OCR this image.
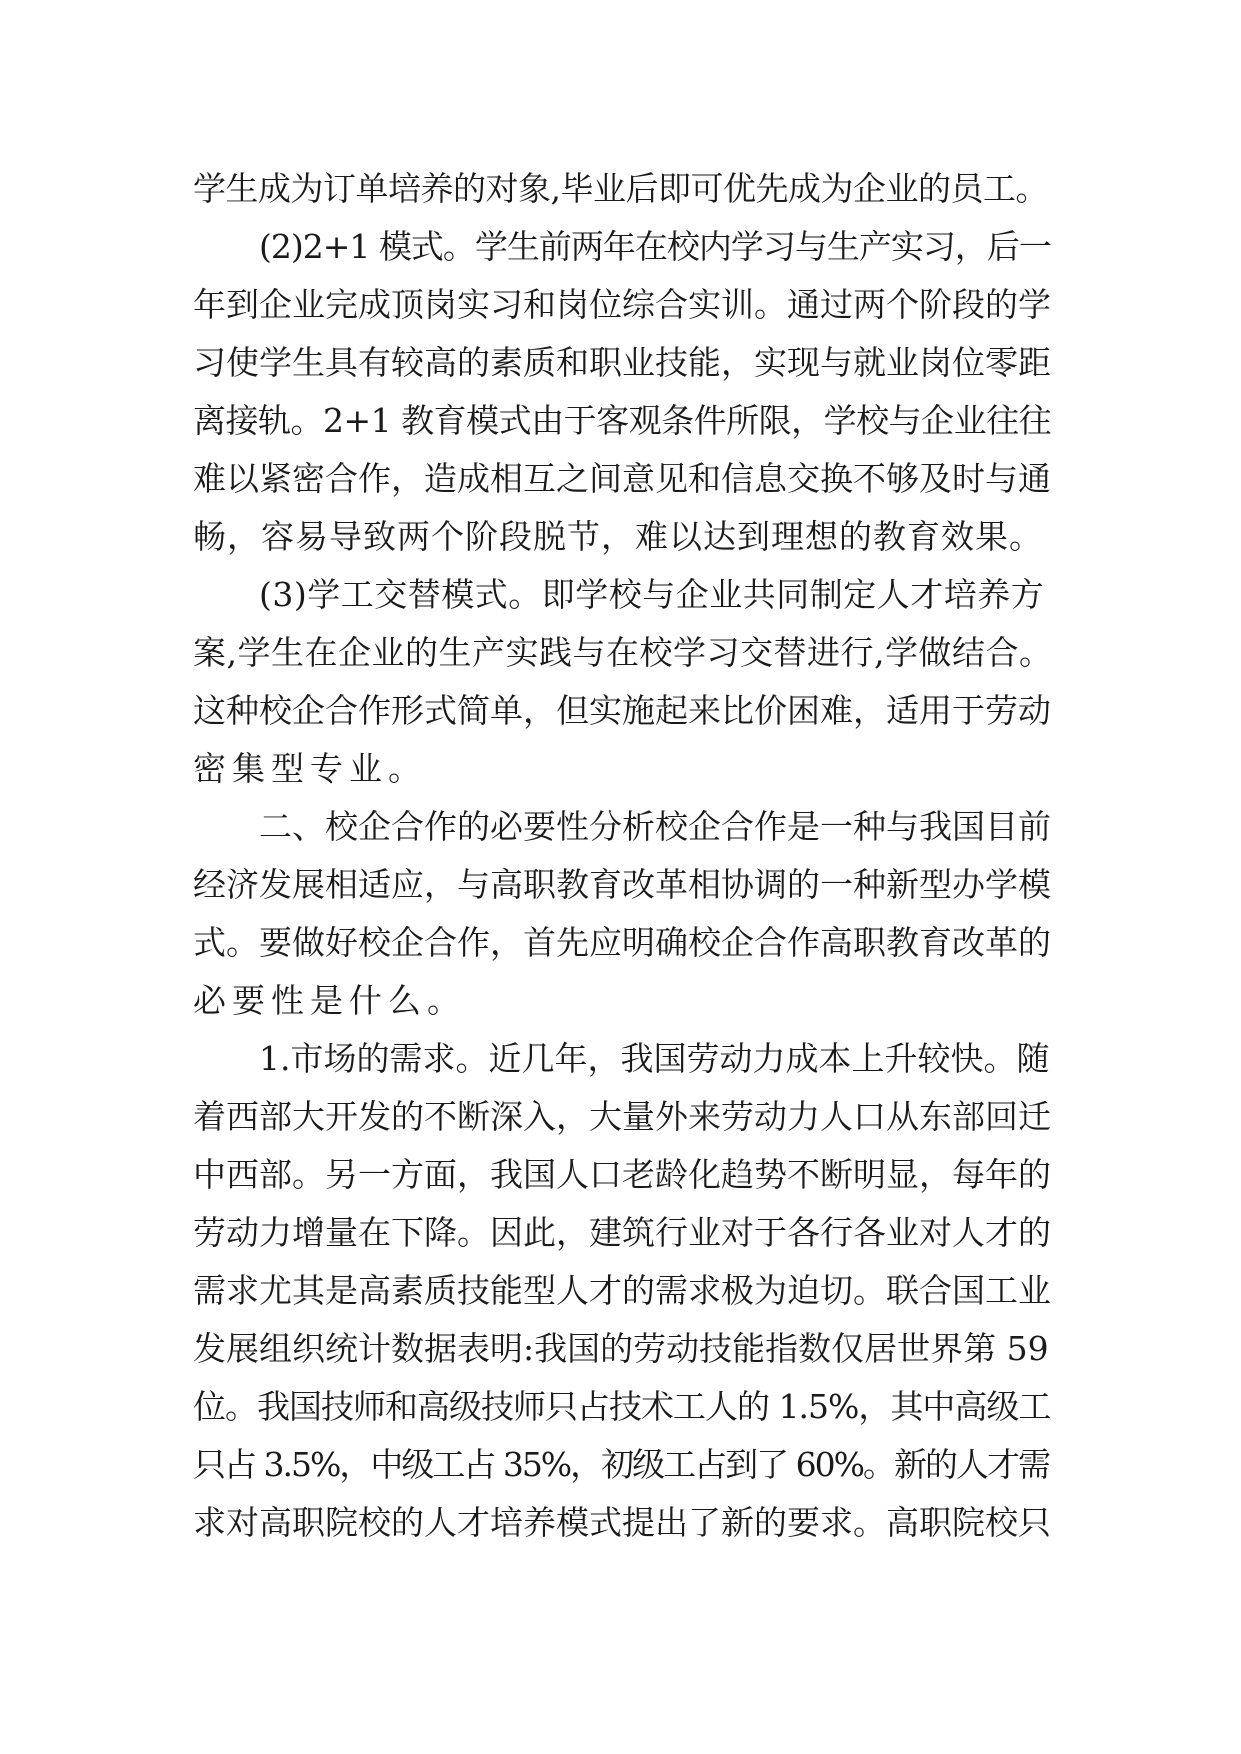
学生成为订单培养的对象,毕业后即可优先成为企业的员工。
(2)2+1 模式。学生前两年在校内学习与生产实习，后一
年到企业完成顶岗实习和岗位综合实训。通过两个阶段的学
习使学生具有较高的素质和职业技能，实现与就业岗位零距
离接轨。2+1 教育模式由于客观条件所限，学校与企业往往
难以紧密合作，造成相互之间意见和信息交换不够及时与通
畅，容易导致两个阶段脱节，难以达到理想的教育效果。
(3)学工交替模式。即学校与企业共同制定人才培养方
案,学生在企业的生产实践与在校学习交替进行,学做结合。
这种校企合作形式简单，但实施起来比价困难，适用于劳动
密集型专业。
二、校企合作的必要性分析校企合作是一种与我国目前
经济发展相适应，与高职教育改革相协调的一种新型办学模
式。要做好校企合作，首先应明确校企合作高职教育改革的
必要性是什么。
1.市场的需求。近几年，我国劳动力成本上升较快。随
着西部大开发的不断深入，大量外来劳动力人口从东部回迁
中西部。另一方面，我国人口老龄化趋势不断明显，每年的
劳动力增量在下降。因此，建筑行业对于各行各业对人才的
需求尤其是高素质技能型人才的需求极为迫切。联合国工业
发展组织统计数据表明:我国的劳动技能指数仅居世界第 59
位。我国技师和高级技师只占技术工人的 1.5%，其中高级工
只占 3.5%，中级工占 35%，初级工占到了 60%。新的人才需
求对高职院校的人才培养模式提出了新的要求。高职院校只
